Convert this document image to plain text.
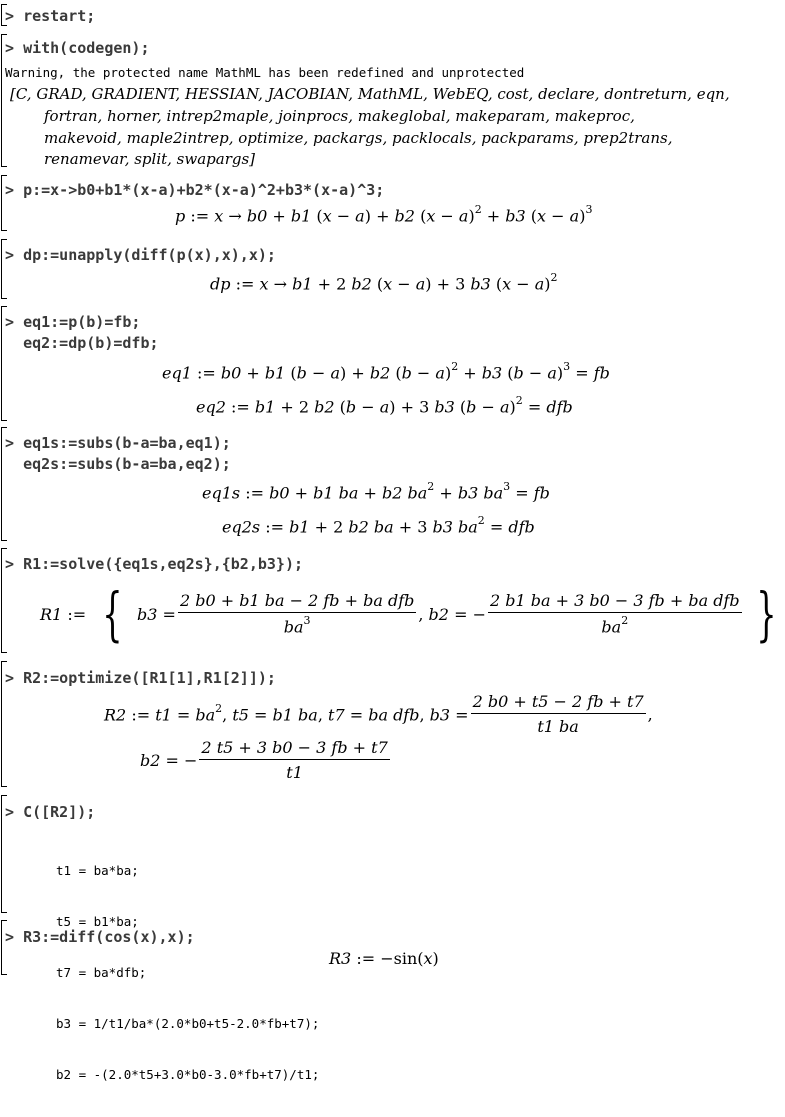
> restart;
> with(codegen);
Warning, the protected name MathML has been redefined and unprotected
[C, GRAD, GRADIENT, HESSIAN, JACOBIAN, MathML, WebEQ, cost, declare, dontreturn, eqn,
fortran, horner, intrep2maple, joinprocs, makeglobal, makeparam, makeproc,
makevoid, maple2intrep, optimize, packargs, packlocals, packparams, prep2trans,
renamevar, split, swapargs]
> p:=x->b0+b1*(x-a)+b2*(x-a)^2+b3*(x-a)^3;
p := x → b0 + b1 (x − a) + b2 $(x - a)^2 + b3$ $(x - a)^3$
> dp:=unapply(diff(p(x),x),x);
dp := x → b1 + 2 b2 (x − a) + 3 b3 $(x - a)^2$
> eq1:=p(b)=fb;
eq2:=dp(b)=dfb;
eq1 := b0 + b1 (b − a) + b2 $(b - a)^2 + b3$ $(b - a)^3$ = fb
eq2 := b1 + 2 b2 (b − a) + 3 b3 $(b - a)^2$ = dfb
> eq1s:=subs(b-a=ba,eq1);
eq2s:=subs(b-a=ba,eq2);
eq1s := b0 + b1 ba + b2 $ba^2 + b3$ $ba^3$ = fb
eq2s := b1 + 2 b2 ba + 3 b3 $ba^2$ = dfb
> R1:=solve({eq1s,eq2s},{b2,b3});
R1 := { $b3 = \frac{\text{2 b0 + b1 ba − 2 fb + ba dfb}}{ba^3}$ , b2 = − $\frac{\text{2 b1 ba + 3 b0 − 3 fb + ba dfb}}{ba^2}$ }
> R2:=optimize([R1[1],R1[2]]);
R2 := $t1 = ba^2$, t5 = b1 ba, t7 = ba dfb, $b3 = \frac{2 b0 + t5 - 2 fb + t7}{t1 ba}$ ,
b2 = − $\frac{2 t5 + 3 b0 - 3 fb + t7}{t1}$
> C([R2]);

t1 = ba*ba;

t5 = b1*ba;

t7 = ba*dfb;

b3 = 1/t1/ba*(2.0*b0+t5-2.0*fb+t7);

b2 = -(2.0*t5+3.0*b0-3.0*fb+t7)/t1;

> R3:=diff(cos(x),x);
R3 := −sin(x)
